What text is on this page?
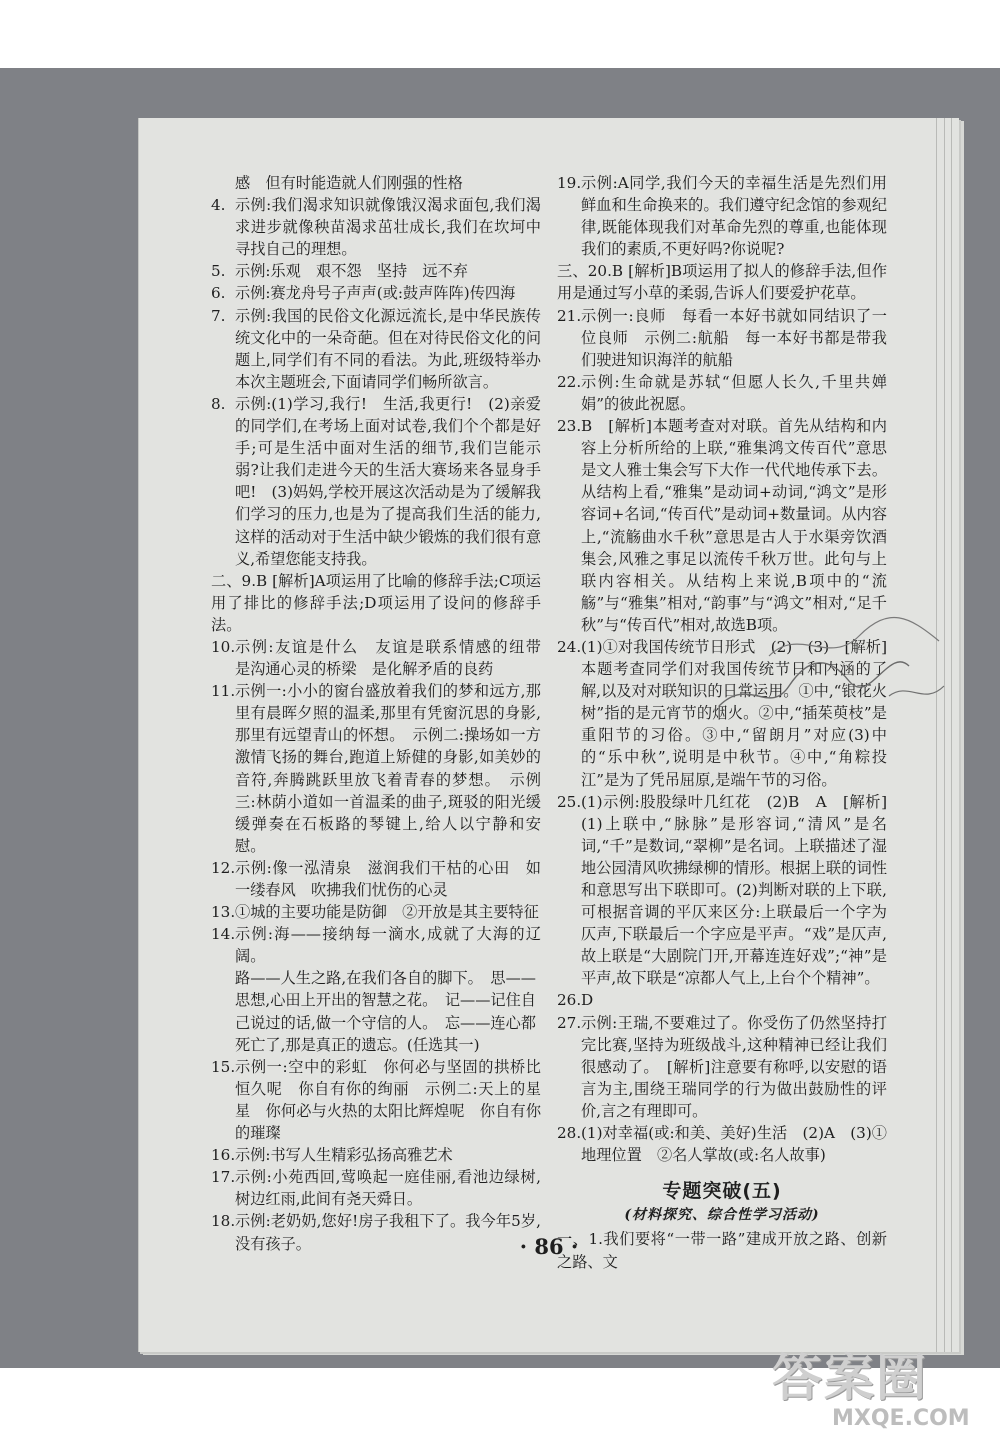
感　但有时能造就人们刚强的性格

4. 示例:我们渴求知识就像饿汉渴求面包,我们渴求进步就像秧苗渴求茁壮成长,我们在坎坷中寻找自己的理想。

5. 示例:乐观　艰不怨　坚持　远不弃

6. 示例:赛龙舟号子声声(或:鼓声阵阵)传四海

7. 示例:我国的民俗文化源远流长,是中华民族传统文化中的一朵奇葩。但在对待民俗文化的问题上,同学们有不同的看法。为此,班级特举办本次主题班会,下面请同学们畅所欲言。

8. 示例:(1)学习,我行!　生活,我更行!　(2)亲爱的同学们,在考场上面对试卷,我们个个都是好手;可是生活中面对生活的细节,我们岂能示弱?让我们走进今天的生活大赛场来各显身手吧!　(3)妈妈,学校开展这次活动是为了缓解我们学习的压力,也是为了提高我们生活的能力,这样的活动对于生活中缺少锻炼的我们很有意义,希望您能支持我。

二、9.B [解析]A项运用了比喻的修辞手法;C项运用了排比的修辞手法;D项运用了设问的修辞手法。

10. 示例:友谊是什么　友谊是联系情感的纽带　是沟通心灵的桥梁　是化解矛盾的良药

11. 示例一:小小的窗台盛放着我们的梦和远方,那里有晨晖夕照的温柔,那里有凭窗沉思的身影,那里有远望青山的怀想。　示例二:操场如一方激情飞扬的舞台,跑道上矫健的身影,如美妙的音符,奔腾跳跃里放飞着青春的梦想。　示例三:林荫小道如一首温柔的曲子,斑驳的阳光缓缓弹奏在石板路的琴键上,给人以宁静和安慰。

12. 示例:像一泓清泉　滋润我们干枯的心田　如一缕春风　吹拂我们忧伤的心灵

13. ①城的主要功能是防御　②开放是其主要特征

14. 示例:海——接纳每一滴水,成就了大海的辽阔。

路——人生之路,在我们各自的脚下。　思——思想,心田上开出的智慧之花。　记——记住自己说过的话,做一个守信的人。　忘——连心都死亡了,那是真正的遗忘。(任选其一)

15. 示例一:空中的彩虹　你何必与坚固的拱桥比恒久呢　你自有你的绚丽　示例二:天上的星星　你何必与火热的太阳比辉煌呢　你自有你的璀璨

16. 示例:书写人生精彩弘扬高雅艺术

17. 示例:小苑西回,莺唤起一庭佳丽,看池边绿树,树边红雨,此间有尧天舜日。

18. 示例:老奶奶,您好!房子我租下了。我今年5岁,没有孩子。

19. 示例:A同学,我们今天的幸福生活是先烈们用鲜血和生命换来的。我们遵守纪念馆的参观纪律,既能体现我们对革命先烈的尊重,也能体现我们的素质,不更好吗?你说呢?

三、20.B [解析]B项运用了拟人的修辞手法,但作用是通过写小草的柔弱,告诉人们要爱护花草。

21. 示例一:良师　每看一本好书就如同结识了一位良师　示例二:航船　每一本好书都是带我们驶进知识海洋的航船

22. 示例:生命就是苏轼“但愿人长久,千里共婵娟”的彼此祝愿。

23. B　[解析]本题考查对对联。首先从结构和内容上分析所给的上联,“雅集鸿文传百代”意思是文人雅士集会写下大作一代代地传承下去。从结构上看,“雅集”是动词+动词,“鸿文”是形容词+名词,“传百代”是动词+数量词。从内容上,“流觞曲水千秋”意思是古人于水渠旁饮酒集会,风雅之事足以流传千秋万世。此句与上联内容相关。从结构上来说,B项中的“流觞”与“雅集”相对,“韵事”与“鸿文”相对,“足千秋”与“传百代”相对,故选B项。

24. (1)①对我国传统节日形式　(2)　(3)　[解析]本题考查同学们对我国传统节日和内涵的了解,以及对对联知识的日常运用。①中,“银花火树”指的是元宵节的烟火。②中,“插茱萸枝”是重阳节的习俗。③中,“留朗月”对应(3)中的“乐中秋”,说明是中秋节。④中,“角粽投江”是为了凭吊屈原,是端午节的习俗。

25. (1)示例:股股绿叶几红花　(2)B　A　[解析](1)上联中,“脉脉”是形容词,“清风”是名词,“千”是数词,“翠柳”是名词。上联描述了湿地公园清风吹拂绿柳的情形。根据上联的词性和意思写出下联即可。(2)判断对联的上下联,可根据音调的平仄来区分:上联最后一个字为仄声,下联最后一个字应是平声。“戏”是仄声,故上联是“大剧院门开,开幕连连好戏”;“神”是平声,故下联是“凉都人气上,上台个个精神”。

26. D

27. 示例:王瑞,不要难过了。你受伤了仍然坚持打完比赛,坚持为班级战斗,这种精神已经让我们很感动了。　[解析]注意要有称呼,以安慰的语言为主,围绕王瑞同学的行为做出鼓励性的评价,言之有理即可。

28. (1)对幸福(或:和美、美好)生活　(2)A　(3)①地理位置　②名人掌故(或:名人故事)

专题突破(五)
(材料探究、综合性学习活动)

一、1.我们要将“一带一路”建成开放之路、创新之路、文

· 86 ·
答案圈
MXQE.COM
